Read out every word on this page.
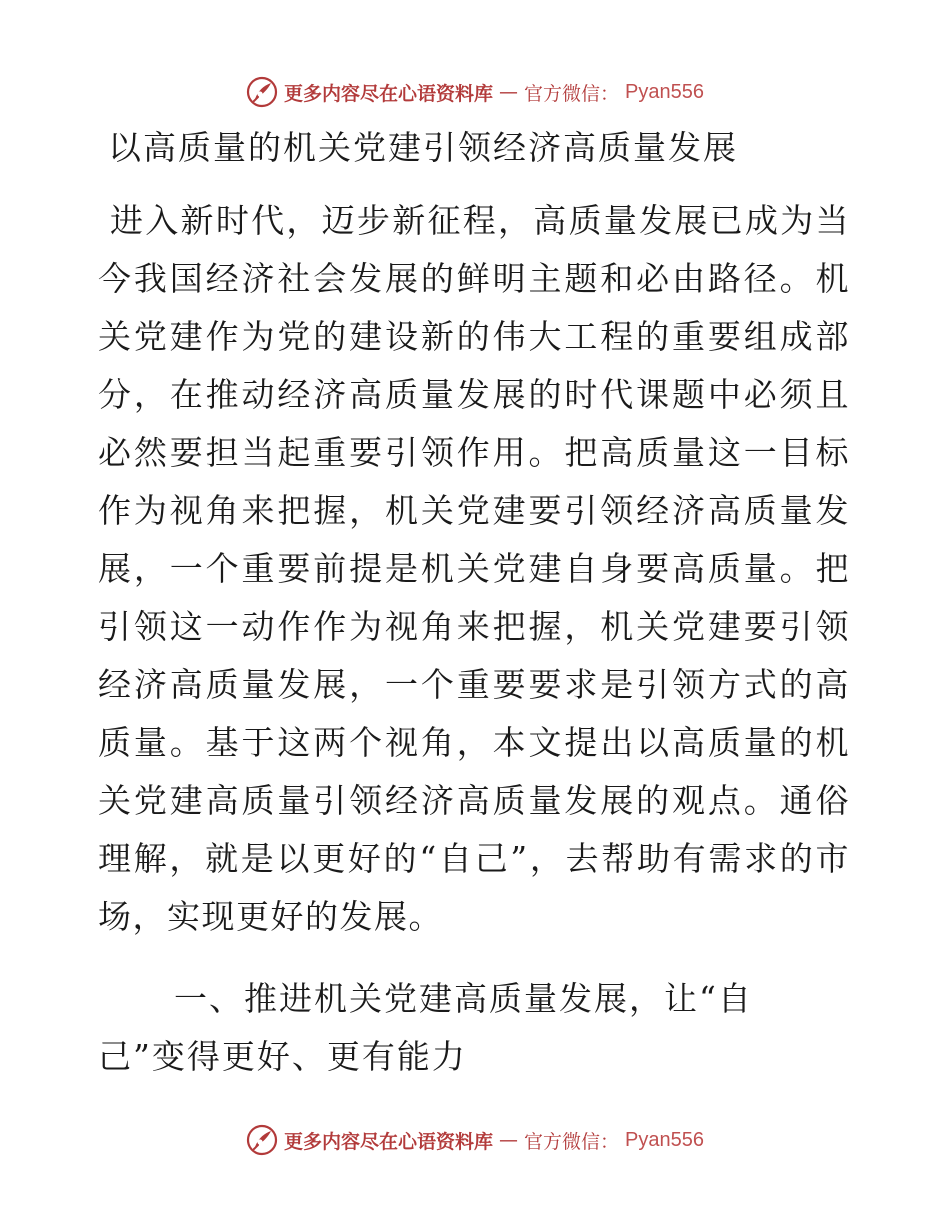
更多内容尽在心语资料库 — 官方微信： Pyan556
以高质量的机关党建引领经济高质量发展

进入新时代，迈步新征程，高质量发展已成为当今我国经济社会发展的鲜明主题和必由路径。机关党建作为党的建设新的伟大工程的重要组成部分，在推动经济高质量发展的时代课题中必须且必然要担当起重要引领作用。把高质量这一目标作为视角来把握，机关党建要引领经济高质量发展，一个重要前提是机关党建自身要高质量。把引领这一动作作为视角来把握，机关党建要引领经济高质量发展，一个重要要求是引领方式的高质量。基于这两个视角，本文提出以高质量的机关党建高质量引领经济高质量发展的观点。通俗理解，就是以更好的“自己”，去帮助有需求的市场，实现更好的发展。

一、推进机关党建高质量发展，让“自己”变得更好、更有能力
更多内容尽在心语资料库 — 官方微信： Pyan556
